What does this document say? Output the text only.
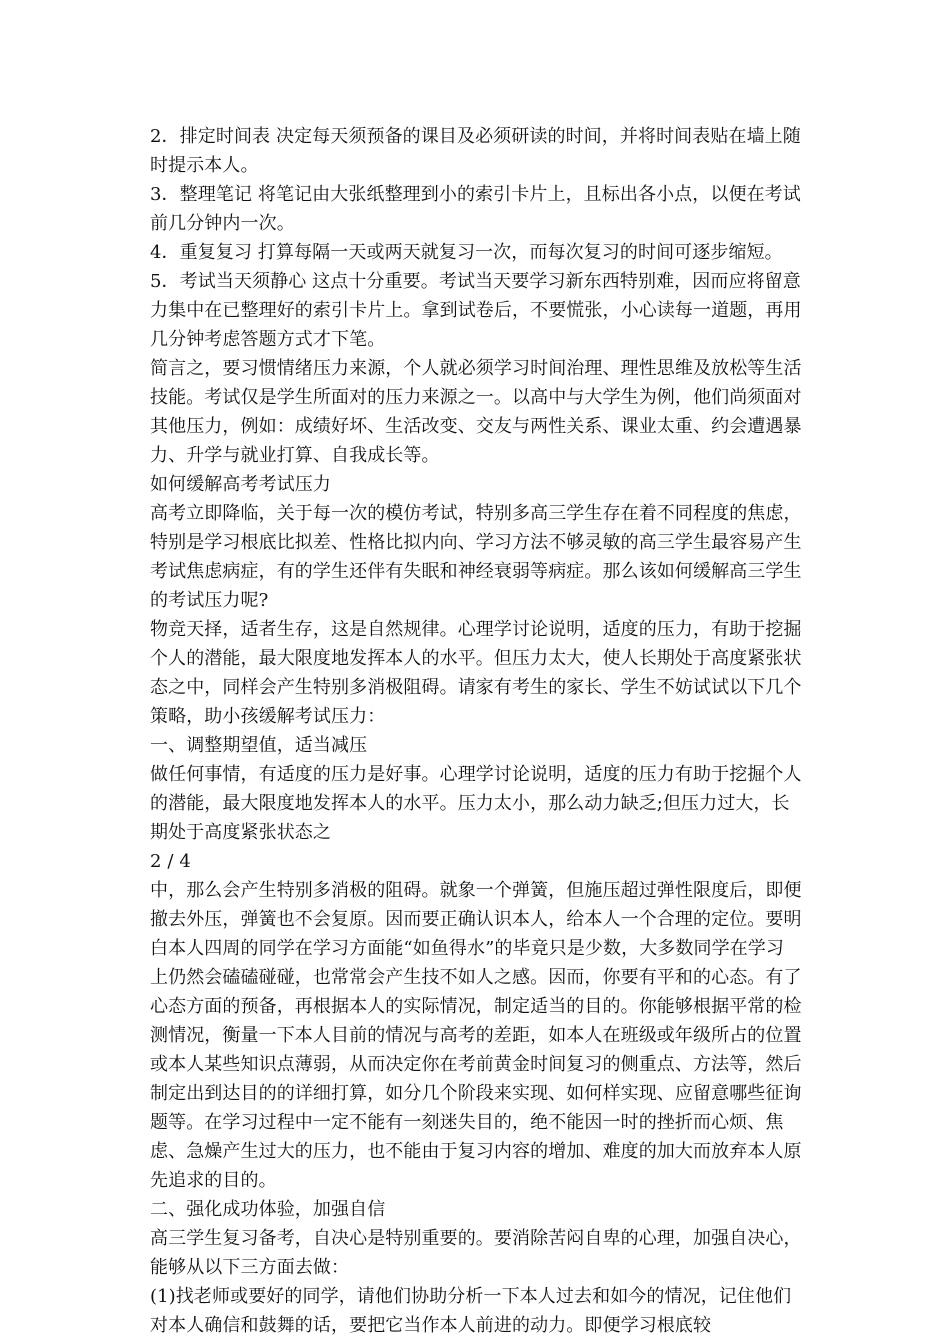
2．排定时间表 决定每天须预备的课目及必须研读的时间，并将时间表贴在墙上随时提示本人。

3．整理笔记 将笔记由大张纸整理到小的索引卡片上，且标出各小点，以便在考试前几分钟内一次。

4．重复复习 打算每隔一天或两天就复习一次，而每次复习的时间可逐步缩短。

5．考试当天须静心 这点十分重要。考试当天要学习新东西特别难，因而应将留意力集中在已整理好的索引卡片上。拿到试卷后，不要慌张，小心读每一道题，再用几分钟考虑答题方式才下笔。

简言之，要习惯情绪压力来源，个人就必须学习时间治理、理性思维及放松等生活技能。考试仅是学生所面对的压力来源之一。以高中与大学生为例，他们尚须面对其他压力，例如：成绩好坏、生活改变、交友与两性关系、课业太重、约会遭遇暴力、升学与就业打算、自我成长等。

如何缓解高考考试压力

高考立即降临，关于每一次的模仿考试，特别多高三学生存在着不同程度的焦虑，特别是学习根底比拟差、性格比拟内向、学习方法不够灵敏的高三学生最容易产生考试焦虑病症，有的学生还伴有失眠和神经衰弱等病症。那么该如何缓解高三学生的考试压力呢?

物竞天择，适者生存，这是自然规律。心理学讨论说明，适度的压力，有助于挖掘个人的潜能，最大限度地发挥本人的水平。但压力太大，使人长期处于高度紧张状态之中，同样会产生特别多消极阻碍。请家有考生的家长、学生不妨试试以下几个策略，助小孩缓解考试压力：

一、调整期望值，适当减压

做任何事情，有适度的压力是好事。心理学讨论说明，适度的压力有助于挖掘个人的潜能，最大限度地发挥本人的水平。压力太小，那么动力缺乏;但压力过大，长期处于高度紧张状态之

2 / 4

中，那么会产生特别多消极的阻碍。就象一个弹簧，但施压超过弹性限度后，即便撤去外压，弹簧也不会复原。因而要正确认识本人，给本人一个合理的定位。要明白本人四周的同学在学习方面能“如鱼得水”的毕竟只是少数，大多数同学在学习上仍然会磕磕碰碰，也常常会产生技不如人之感。因而，你要有平和的心态。有了心态方面的预备，再根据本人的实际情况，制定适当的目的。你能够根据平常的检测情况，衡量一下本人目前的情况与高考的差距，如本人在班级或年级所占的位置或本人某些知识点薄弱，从而决定你在考前黄金时间复习的侧重点、方法等，然后制定出到达目的的详细打算，如分几个阶段来实现、如何样实现、应留意哪些征询题等。在学习过程中一定不能有一刻迷失目的，绝不能因一时的挫折而心烦、焦虑、急燥产生过大的压力，也不能由于复习内容的增加、难度的加大而放弃本人原先追求的目的。

二、强化成功体验，加强自信

高三学生复习备考，自决心是特别重要的。要消除苦闷自卑的心理，加强自决心，能够从以下三方面去做：

(1)找老师或要好的同学，请他们协助分析一下本人过去和如今的情况，记住他们对本人确信和鼓舞的话，要把它当作本人前进的动力。即便学习根底较
